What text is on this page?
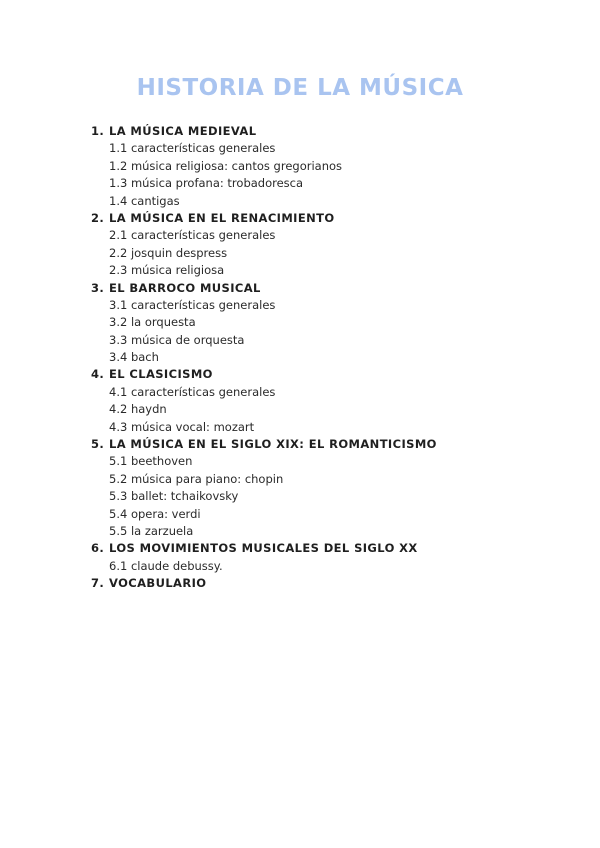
HISTORIA DE LA MÚSICA
1. LA MÚSICA MEDIEVAL
1.1 características generales
1.2 música religiosa: cantos gregorianos
1.3 música profana: trobadoresca
1.4 cantigas
2. LA MÚSICA EN EL RENACIMIENTO
2.1 características generales
2.2 josquin despress
2.3 música religiosa
3. EL BARROCO MUSICAL
3.1 características generales
3.2 la orquesta
3.3 música de orquesta
3.4 bach
4. EL CLASICISMO
4.1 características generales
4.2 haydn
4.3 música vocal: mozart
5. LA MÚSICA EN EL SIGLO XIX: EL ROMANTICISMO
5.1 beethoven
5.2 música para piano: chopin
5.3 ballet: tchaikovsky
5.4 opera: verdi
5.5 la zarzuela
6. LOS MOVIMIENTOS MUSICALES DEL SIGLO XX
6.1 claude debussy.
7. VOCABULARIO
